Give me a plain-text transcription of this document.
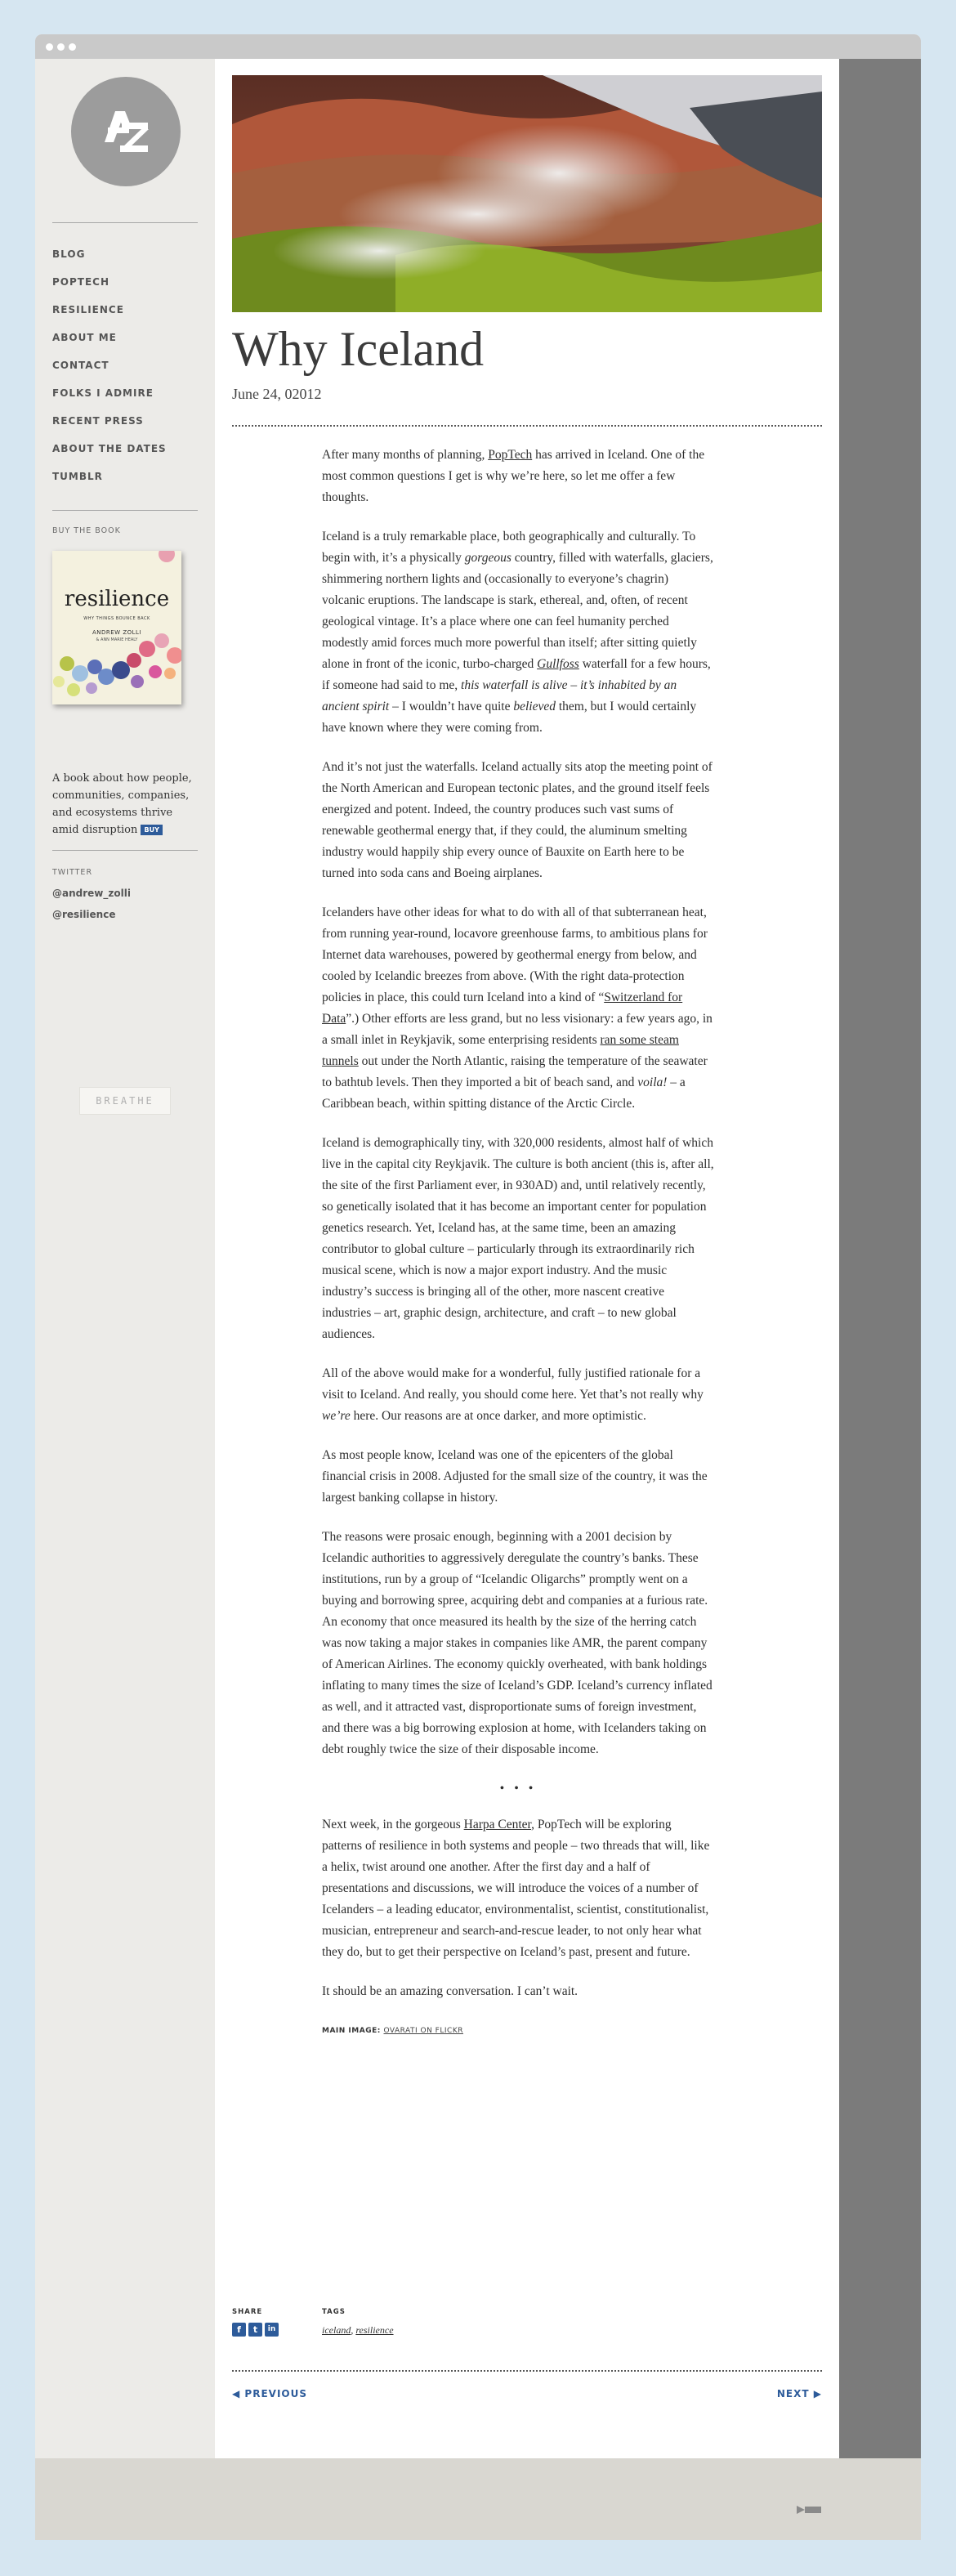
BLOG
POPTECH
RESILIENCE
ABOUT ME
CONTACT
FOLKS I ADMIRE
RECENT PRESS
ABOUT THE DATES
TUMBLR
BUY THE BOOK
resilience
WHY THINGS BOUNCE BACK
ANDREW ZOLLI
& ANN MARIE HEALY
A book about how people, communities, companies, and ecosystems thrive amid disruption BUY
TWITTER
@andrew_zolli
@resilience
BREATHE
Why Iceland
June 24, 02012

After many months of planning, PopTech has arrived in Iceland. One of the most common questions I get is why we’re here, so let me offer a few thoughts.

Iceland is a truly remarkable place, both geographically and culturally. To begin with, it’s a physically gorgeous country, filled with waterfalls, glaciers, shimmering northern lights and (occasionally to everyone’s chagrin) volcanic eruptions. The landscape is stark, ethereal, and, often, of recent geological vintage. It’s a place where one can feel humanity perched modestly amid forces much more powerful than itself; after sitting quietly alone in front of the iconic, turbo-charged Gullfoss waterfall for a few hours, if someone had said to me, this waterfall is alive – it’s inhabited by an ancient spirit – I wouldn’t have quite believed them, but I would certainly have known where they were coming from.

And it’s not just the waterfalls. Iceland actually sits atop the meeting point of the North American and European tectonic plates, and the ground itself feels energized and potent. Indeed, the country produces such vast sums of renewable geothermal energy that, if they could, the aluminum smelting industry would happily ship every ounce of Bauxite on Earth here to be turned into soda cans and Boeing airplanes.

Icelanders have other ideas for what to do with all of that subterranean heat, from running year-round, locavore greenhouse farms, to ambitious plans for Internet data warehouses, powered by geothermal energy from below, and cooled by Icelandic breezes from above. (With the right data-protection policies in place, this could turn Iceland into a kind of “Switzerland for Data”.) Other efforts are less grand, but no less visionary: a few years ago, in a small inlet in Reykjavik, some enterprising residents ran some steam tunnels out under the North Atlantic, raising the temperature of the seawater to bathtub levels. Then they imported a bit of beach sand, and voila! – a Caribbean beach, within spitting distance of the Arctic Circle.

Iceland is demographically tiny, with 320,000 residents, almost half of which live in the capital city Reykjavik. The culture is both ancient (this is, after all, the site of the first Parliament ever, in 930AD) and, until relatively recently, so genetically isolated that it has become an important center for population genetics research. Yet, Iceland has, at the same time, been an amazing contributor to global culture – particularly through its extraordinarily rich musical scene, which is now a major export industry. And the music industry’s success is bringing all of the other, more nascent creative industries – art, graphic design, architecture, and craft – to new global audiences.

All of the above would make for a wonderful, fully justified rationale for a visit to Iceland. And really, you should come here. Yet that’s not really why we’re here. Our reasons are at once darker, and more optimistic.

As most people know, Iceland was one of the epicenters of the global financial crisis in 2008. Adjusted for the small size of the country, it was the largest banking collapse in history.

The reasons were prosaic enough, beginning with a 2001 decision by Icelandic authorities to aggressively deregulate the country’s banks. These institutions, run by a group of “Icelandic Oligarchs” promptly went on a buying and borrowing spree, acquiring debt and companies at a furious rate. An economy that once measured its health by the size of the herring catch was now taking a major stakes in companies like AMR, the parent company of American Airlines. The economy quickly overheated, with bank holdings inflating to many times the size of Iceland’s GDP. Iceland’s currency inflated as well, and it attracted vast, disproportionate sums of foreign investment, and there was a big borrowing explosion at home, with Icelanders taking on debt roughly twice the size of their disposable income.

• • •

Next week, in the gorgeous Harpa Center, PopTech will be exploring patterns of resilience in both systems and people – two threads that will, like a helix, twist around one another. After the first day and a half of presentations and discussions, we will introduce the voices of a number of Icelanders – a leading educator, environmentalist, scientist, constitutionalist, musician, entrepreneur and search-and-rescue leader, to not only hear what they do, but to get their perspective on Iceland’s past, present and future.

It should be an amazing conversation. I can’t wait.

MAIN IMAGE: OVARATI ON FLICKR
SHARE
f	t	in
TAGS
iceland, resilience
◀ PREVIOUS	NEXT ▶
